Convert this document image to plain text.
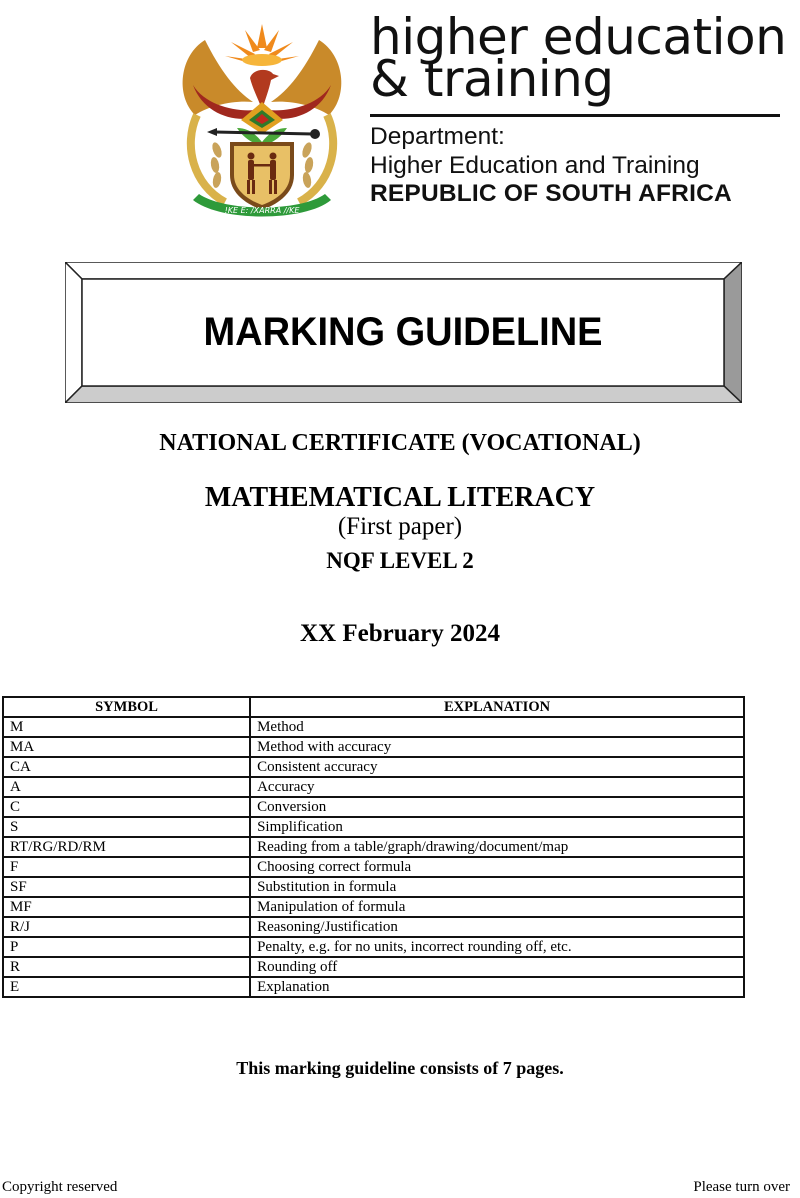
!KE E: /XARRA //KE
higher education
& training
Department:
Higher Education and Training
REPUBLIC OF SOUTH AFRICA
MARKING GUIDELINE
NATIONAL CERTIFICATE (VOCATIONAL)
MATHEMATICAL LITERACY
(First paper)
NQF LEVEL 2
XX February 2024
SYMBOL	EXPLANATION
M	Method
MA	Method with accuracy
CA	Consistent accuracy
A	Accuracy
C	Conversion
S	Simplification
RT/RG/RD/RM	Reading from a table/graph/drawing/document/map
F	Choosing correct formula
SF	Substitution in formula
MF	Manipulation of formula
R/J	Reasoning/Justification
P	Penalty, e.g. for no units, incorrect rounding off, etc.
R	Rounding off
E	Explanation
This marking guideline consists of 7 pages.
Copyright reserved	Please turn over
